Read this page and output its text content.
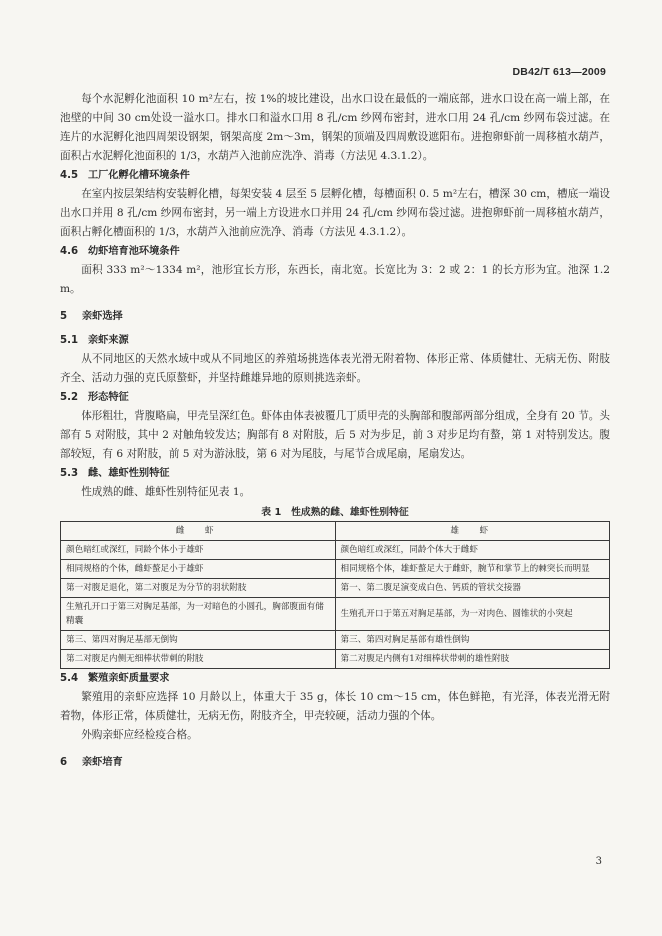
DB42/T 613—2009

每个水泥孵化池面积 10 m²左右，按 1%的坡比建设，出水口设在最低的一端底部，进水口设在高一端上部，在池壁的中间 30 cm处设一溢水口。排水口和溢水口用 8 孔/cm 纱网布密封，进水口用 24 孔/cm 纱网布袋过滤。在连片的水泥孵化池四周架设钢架，钢架高度 2m～3m，钢架的顶端及四周敷设遮阳布。进抱卵虾前一周移植水葫芦，面积占水泥孵化池面积的 1/3，水葫芦入池前应洗净、消毒（方法见 4.3.1.2）。

4.5 工厂化孵化槽环境条件

在室内按层架结构安装孵化槽，每架安装 4 层至 5 层孵化槽，每槽面积 0. 5 m²左右，槽深 30 cm，槽底一端设出水口并用 8 孔/cm 纱网布密封，另一端上方设进水口并用 24 孔/cm 纱网布袋过滤。进抱卵虾前一周移植水葫芦，面积占孵化槽面积的 1/3，水葫芦入池前应洗净、消毒（方法见 4.3.1.2）。

4.6 幼虾培育池环境条件

面积 333 m²～1334 m²，池形宜长方形，东西长，南北宽。长宽比为 3：2 或 2：1 的长方形为宜。池深 1.2 m。

5 亲虾选择
5.1 亲虾来源

从不同地区的天然水域中或从不同地区的养殖场挑选体表光滑无附着物、体形正常、体质健壮、无病无伤、附肢齐全、活动力强的克氏原螯虾，并坚持雌雄异地的原则挑选亲虾。

5.2 形态特征

体形粗壮，背腹略扁，甲壳呈深红色。虾体由体表被覆几丁质甲壳的头胸部和腹部两部分组成，全身有 20 节。头部有 5 对附肢，其中 2 对触角较发达；胸部有 8 对附肢，后 5 对为步足，前 3 对步足均有螯，第 1 对特别发达。腹部较短，有 6 对附肢，前 5 对为游泳肢，第 6 对为尾肢，与尾节合成尾扇，尾扇发达。

5.3 雌、雄虾性别特征

性成熟的雌、雄虾性别特征见表 1。

表 1　性成熟的雌、雄虾性别特征
雌　虾	雄　虾
颜色暗红或深红，同龄个体小于雄虾	颜色暗红或深红，同龄个体大于雌虾
相同规格的个体，雌虾螯足小于雄虾	相同规格个体，雄虾螯足大于雌虾，腕节和掌节上的棘突长而明显
第一对腹足退化，第二对腹足为分节的羽状附肢	第一、第二腹足演变成白色、钙质的管状交接器
生殖孔开口于第三对胸足基部，为一对暗色的小圆孔，胸部腹面有储精囊	生殖孔开口于第五对胸足基部，为一对肉色、圆锥状的小突起
第三、第四对胸足基部无倒钩	第三、第四对胸足基部有雄性倒钩
第二对腹足内侧无细棒状带刺的附肢	第二对腹足内侧有1对细棒状带刺的雄性附肢
5.4 繁殖亲虾质量要求

繁殖用的亲虾应选择 10 月龄以上，体重大于 35 g，体长 10 cm～15 cm，体色鲜艳，有光泽，体表光滑无附着物，体形正常，体质健壮，无病无伤，附肢齐全，甲壳较硬，活动力强的个体。

外购亲虾应经检疫合格。

6 亲虾培育
3
